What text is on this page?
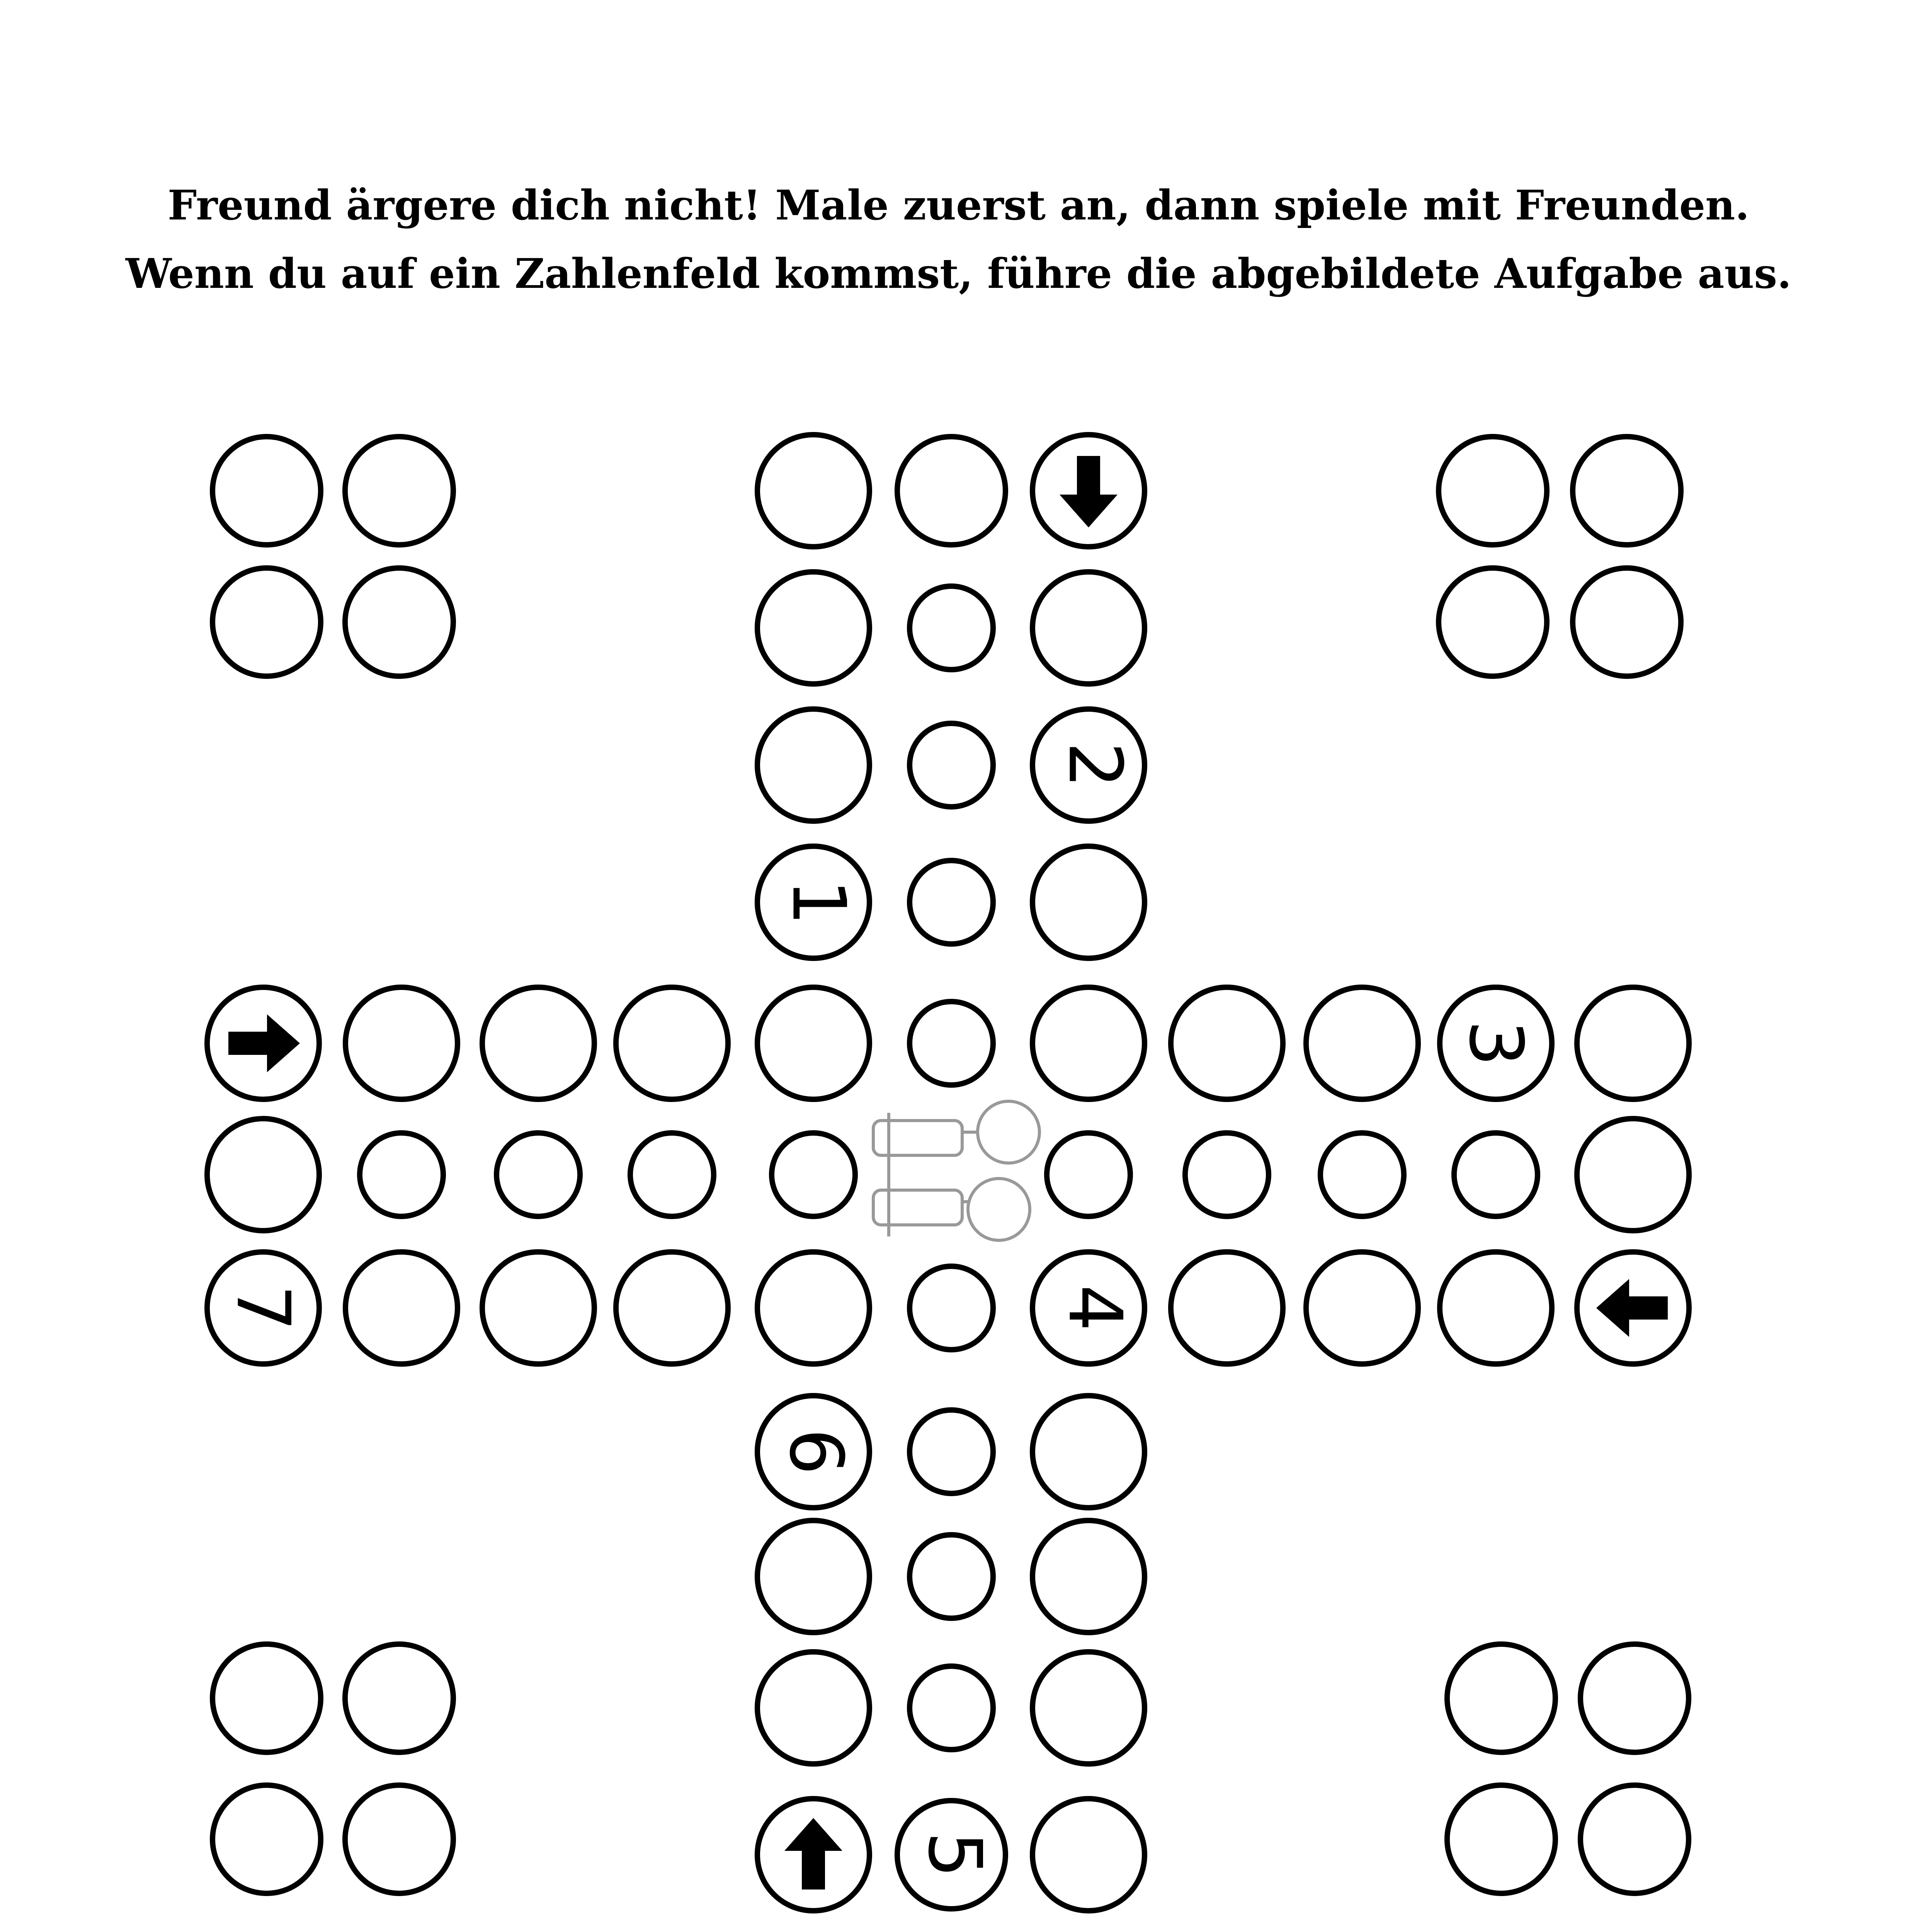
Freund ärgere dich nicht! Male zuerst an, dann spiele mit Freunden.
Wenn du auf ein Zahlenfeld kommst, führe die abgebildete Aufgabe aus.
1
2
3
4
5
6
7
